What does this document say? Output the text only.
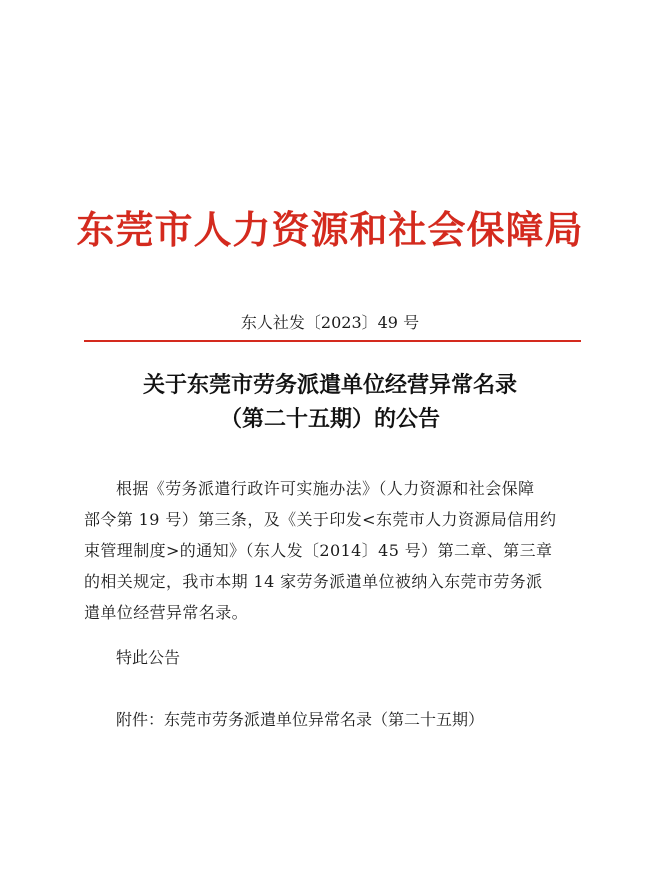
东莞市人力资源和社会保障局
东人社发〔2023〕49 号
关于东莞市劳务派遣单位经营异常名录
（第二十五期）的公告
根据《劳务派遣行政许可实施办法》（人力资源和社会保障
部令第 19 号）第三条，及《关于印发<东莞市人力资源局信用约
束管理制度>的通知》（东人发〔2014〕45 号）第二章、第三章
的相关规定，我市本期 14 家劳务派遣单位被纳入东莞市劳务派
遣单位经营异常名录。
特此公告
附件：东莞市劳务派遣单位异常名录（第二十五期）
